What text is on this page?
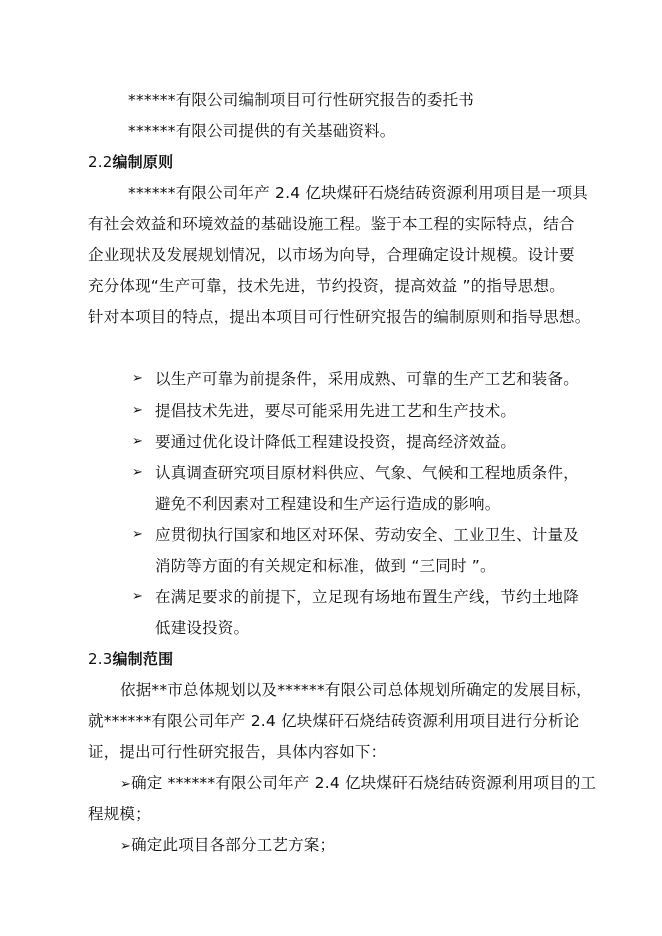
******有限公司编制项目可行性研究报告的委托书
******有限公司提供的有关基础资料。
2.2编制原则
******有限公司年产 2.4 亿块煤矸石烧结砖资源利用项目是一项具
有社会效益和环境效益的基础设施工程。鉴于本工程的实际特点，结合
企业现状及发展规划情况，以市场为向导，合理确定设计规模。设计要
充分体现“生产可靠，技术先进，节约投资，提高效益 ”的指导思想。
针对本项目的特点，提出本项目可行性研究报告的编制原则和指导思想。
➢ 以生产可靠为前提条件，采用成熟、可靠的生产工艺和装备。
➢ 提倡技术先进，要尽可能采用先进工艺和生产技术。
➢ 要通过优化设计降低工程建设投资，提高经济效益。
➢ 认真调查研究项目原材料供应、气象、气候和工程地质条件，
避免不利因素对工程建设和生产运行造成的影响。
➢ 应贯彻执行国家和地区对环保、劳动安全、工业卫生、计量及
消防等方面的有关规定和标准，做到 “三同时 ”。
➢ 在满足要求的前提下，立足现有场地布置生产线，节约土地降
低建设投资。
2.3编制范围
依据**市总体规划以及******有限公司总体规划所确定的发展目标，
就******有限公司年产 2.4 亿块煤矸石烧结砖资源利用项目进行分析论
证，提出可行性研究报告，具体内容如下：
➢确定 ******有限公司年产 2.4 亿块煤矸石烧结砖资源利用项目的工
程规模；
➢确定此项目各部分工艺方案；
